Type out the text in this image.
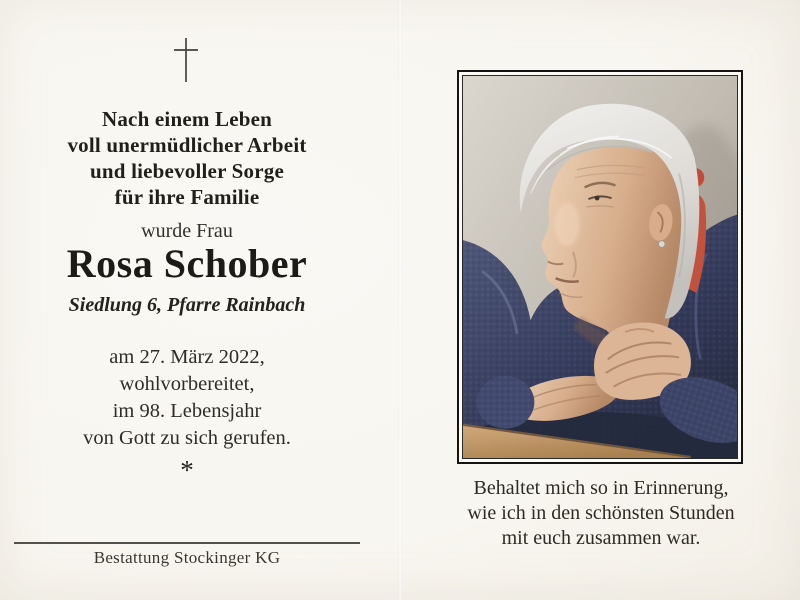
Nach einem Leben
voll unermüdlicher Arbeit
und liebevoller Sorge
für ihre Familie
wurde Frau
Rosa Schober
Siedlung 6, Pfarre Rainbach
am 27. März 2022,
wohlvorbereitet,
im 98. Lebensjahr
von Gott zu sich gerufen.
*
Bestattung Stockinger KG
Behaltet mich so in Erinnerung,
wie ich in den schönsten Stunden
mit euch zusammen war.
